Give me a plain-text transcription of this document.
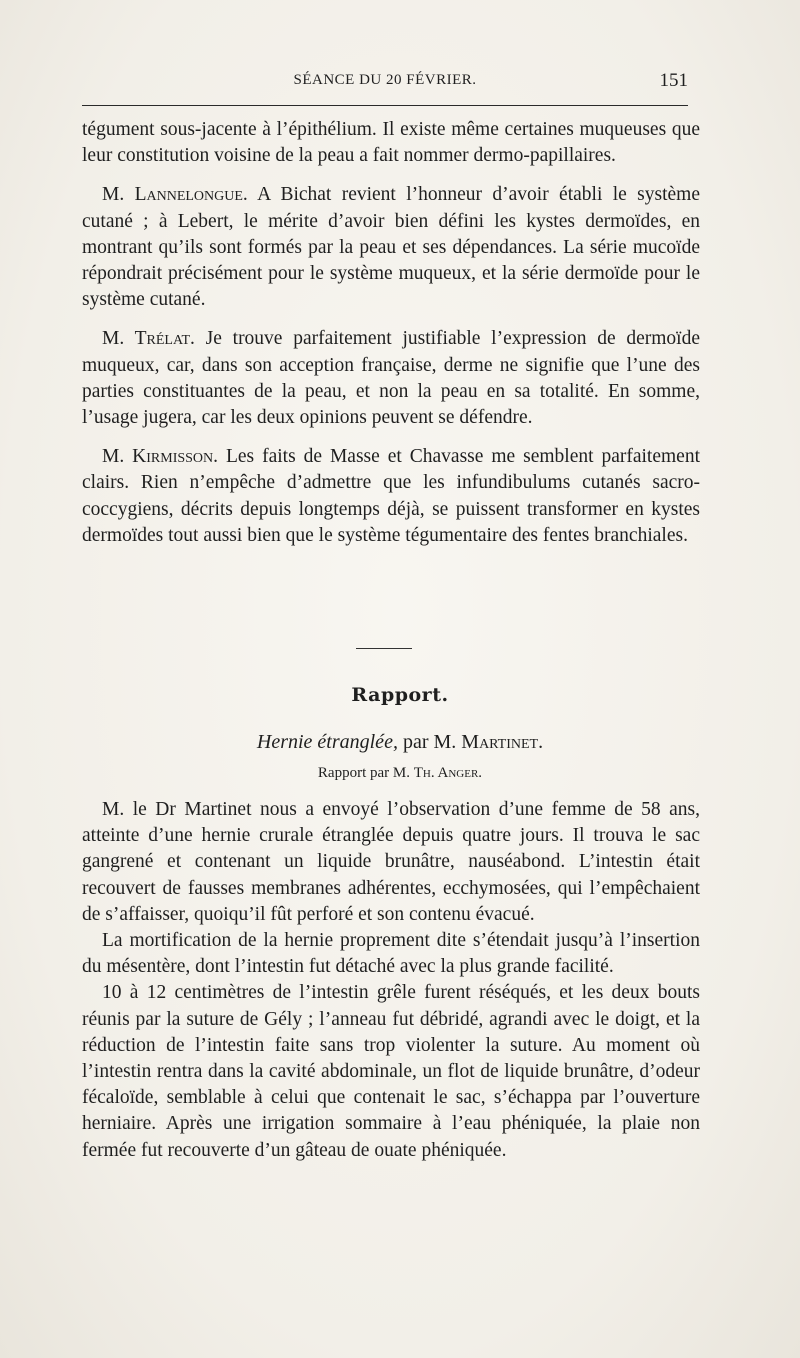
SÉANCE DU 20 FÉVRIER.	151

tégument sous-jacente à l’épithélium. Il existe même certaines muqueuses que leur constitution voisine de la peau a fait nommer dermo-papillaires.

M. Lannelongue. A Bichat revient l’honneur d’avoir établi le système cutané ; à Lebert, le mérite d’avoir bien défini les kystes dermoïdes, en montrant qu’ils sont formés par la peau et ses dépendances. La série mucoïde répondrait précisément pour le système muqueux, et la série dermoïde pour le système cutané.

M. Trélat. Je trouve parfaitement justifiable l’expression de dermoïde muqueux, car, dans son acception française, derme ne signifie que l’une des parties constituantes de la peau, et non la peau en sa totalité. En somme, l’usage jugera, car les deux opinions peuvent se défendre.

M. Kirmisson. Les faits de Masse et Chavasse me semblent parfaitement clairs. Rien n’empêche d’admettre que les infundibulums cutanés sacro-coccygiens, décrits depuis longtemps déjà, se puissent transformer en kystes dermoïdes tout aussi bien que le système tégumentaire des fentes branchiales.

Rapport.
Hernie étranglée, par M. Martinet.
Rapport par M. Th. Anger.

M. le Dr Martinet nous a envoyé l’observation d’une femme de 58 ans, atteinte d’une hernie crurale étranglée depuis quatre jours. Il trouva le sac gangrené et contenant un liquide brunâtre, nauséabond. L’intestin était recouvert de fausses membranes adhérentes, ecchymosées, qui l’empêchaient de s’affaisser, quoiqu’il fût perforé et son contenu évacué.

La mortification de la hernie proprement dite s’étendait jusqu’à l’insertion du mésentère, dont l’intestin fut détaché avec la plus grande facilité.

10 à 12 centimètres de l’intestin grêle furent réséqués, et les deux bouts réunis par la suture de Gély ; l’anneau fut débridé, agrandi avec le doigt, et la réduction de l’intestin faite sans trop violenter la suture. Au moment où l’intestin rentra dans la cavité abdominale, un flot de liquide brunâtre, d’odeur fécaloïde, semblable à celui que contenait le sac, s’échappa par l’ouverture herniaire. Après une irrigation sommaire à l’eau phéniquée, la plaie non fermée fut recouverte d’un gâteau de ouate phéniquée.
